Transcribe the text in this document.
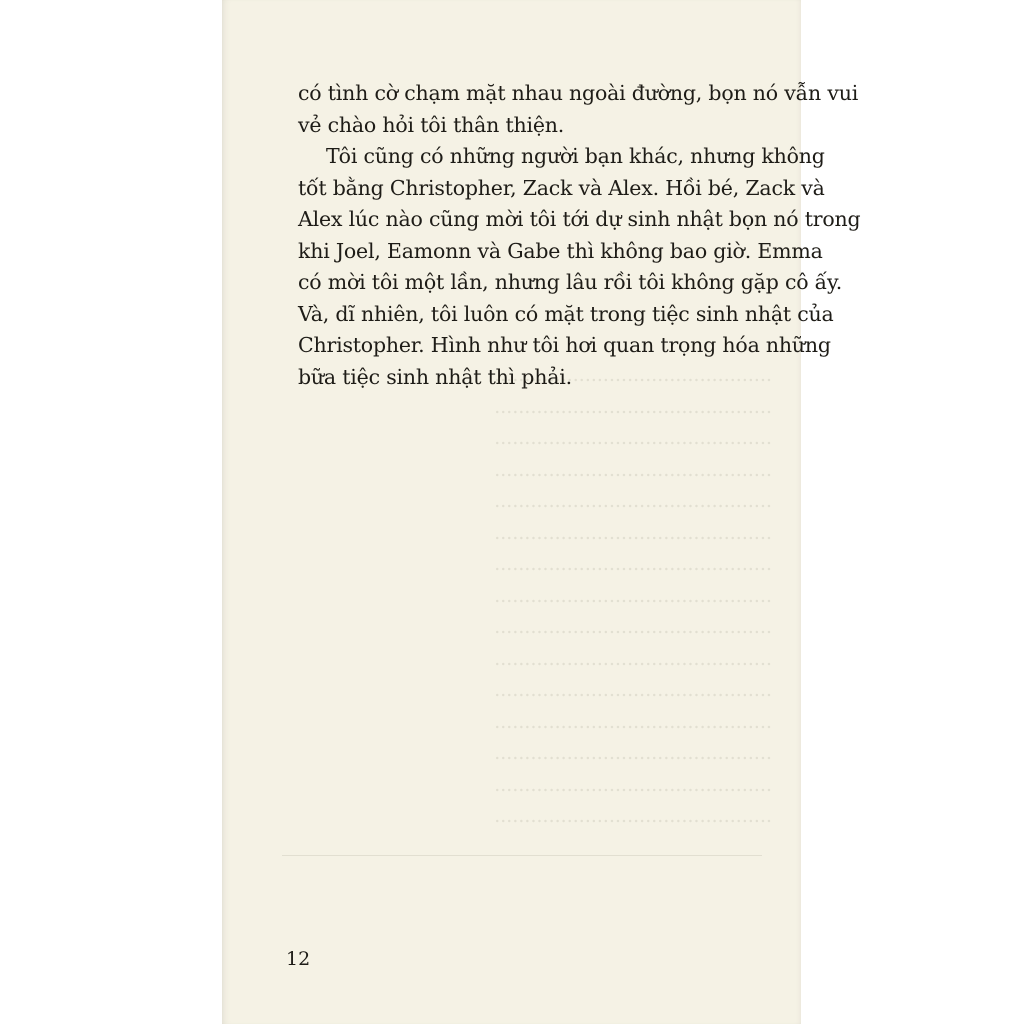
..............................................
..............................................
..............................................
..............................................
..............................................
..............................................
..............................................
..............................................
..............................................
..............................................
..............................................
..............................................
..............................................
..............................................
..............................................
có tình cờ chạm mặt nhau ngoài đường, bọn nó vẫn vui
vẻ chào hỏi tôi thân thiện.
Tôi cũng có những người bạn khác, nhưng không
tốt bằng Christopher, Zack và Alex. Hồi bé, Zack và
Alex lúc nào cũng mời tôi tới dự sinh nhật bọn nó trong
khi Joel, Eamonn và Gabe thì không bao giờ. Emma
có mời tôi một lần, nhưng lâu rồi tôi không gặp cô ấy.
Và, dĩ nhiên, tôi luôn có mặt trong tiệc sinh nhật của
Christopher. Hình như tôi hơi quan trọng hóa những
bữa tiệc sinh nhật thì phải.
12
